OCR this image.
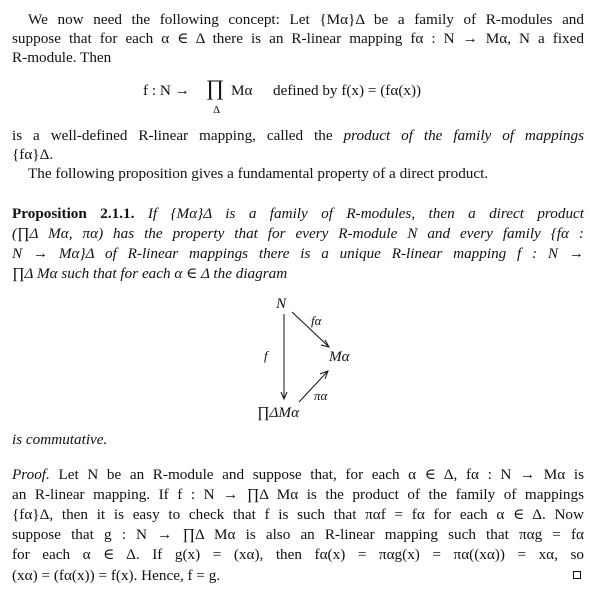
We now need the following concept: Let {Mα}Δ be a family of R-modules and
suppose that for each α ∈ Δ there is an R-linear mapping fα : N → Mα, N a fixed
R-module. Then
f : N → ∏
Δ
Mα defined by f(x) = (fα(x))
is a well-defined R-linear mapping, called the product of the family of mappings
{fα}Δ.
The following proposition gives a fundamental property of a direct product.
Proposition 2.1.1. If {Mα}Δ is a family of R-modules, then a direct product
(∏Δ Mα, πα) has the property that for every R-module N and every family {fα :
N → Mα}Δ of R-linear mappings there is a unique R-linear mapping f : N →
∏Δ Mα such that for each α ∈ Δ the diagram
N
Mα
∏ΔMα
fα
f
πα
is commutative.
Proof. Let N be an R-module and suppose that, for each α ∈ Δ, fα : N → Mα is
an R-linear mapping. If f : N → ∏Δ Mα is the product of the family of mappings
{fα}Δ, then it is easy to check that f is such that παf = fα for each α ∈ Δ. Now
suppose that g : N → ∏Δ Mα is also an R-linear mapping such that παg = fα
for each α ∈ Δ. If g(x) = (xα), then fα(x) = παg(x) = πα((xα)) = xα, so
(xα) = (fα(x)) = f(x). Hence, f = g.
